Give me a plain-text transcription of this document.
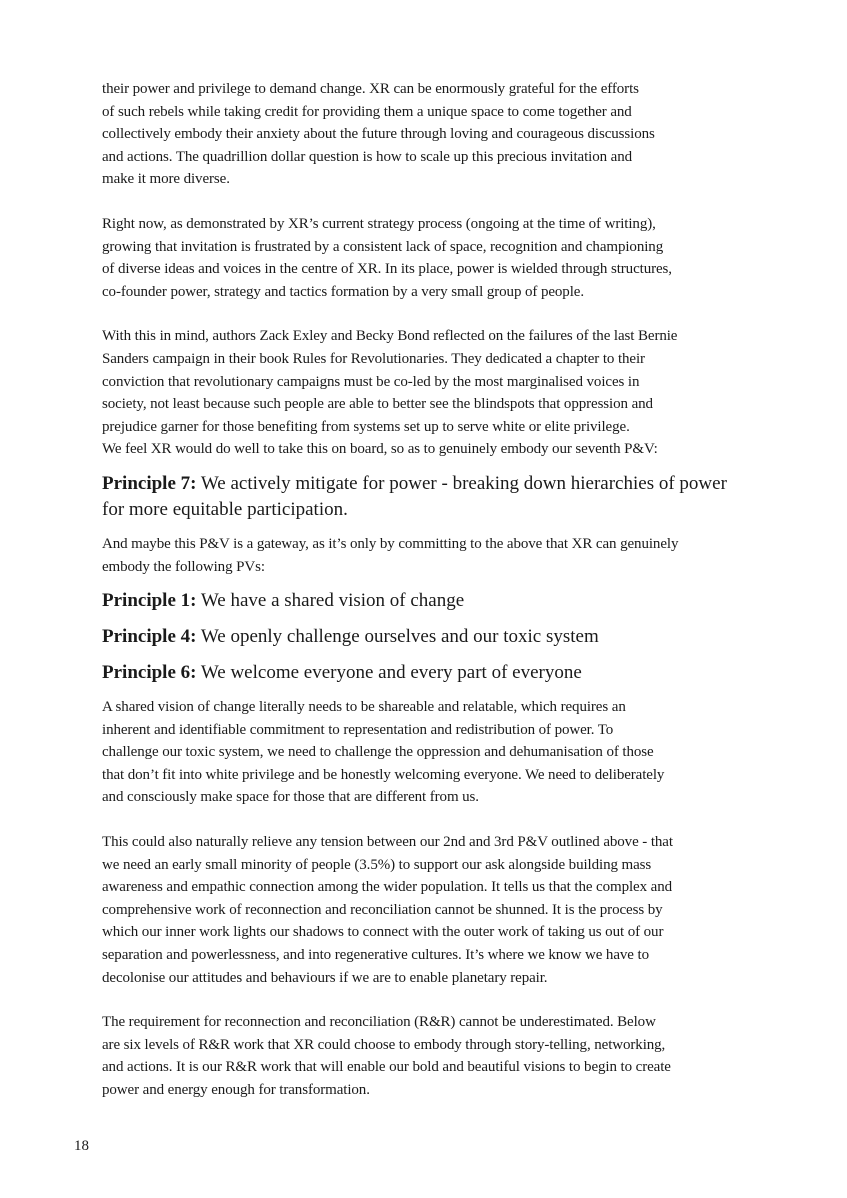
their power and privilege to demand change. XR can be enormously grateful for the efforts
of such rebels while taking credit for providing them a unique space to come together and
collectively embody their anxiety about the future through loving and courageous discussions
and actions. The quadrillion dollar question is how to scale up this precious invitation and
make it more diverse.

Right now, as demonstrated by XR’s current strategy process (ongoing at the time of writing),
growing that invitation is frustrated by a consistent lack of space, recognition and championing
of diverse ideas and voices in the centre of XR. In its place, power is wielded through structures,
co-founder power, strategy and tactics formation by a very small group of people.

With this in mind, authors Zack Exley and Becky Bond reflected on the failures of the last Bernie
Sanders campaign in their book Rules for Revolutionaries. They dedicated a chapter to their
conviction that revolutionary campaigns must be co-led by the most marginalised voices in
society, not least because such people are able to better see the blindspots that oppression and
prejudice garner for those benefiting from systems set up to serve white or elite privilege.
We feel XR would do well to take this on board, so as to genuinely embody our seventh P&V:

Principle 7: We actively mitigate for power - breaking down hierarchies of power
for more equitable participation.

And maybe this P&V is a gateway, as it’s only by committing to the above that XR can genuinely
embody the following PVs:

Principle 1: We have a shared vision of change

Principle 4: We openly challenge ourselves and our toxic system

Principle 6: We welcome everyone and every part of everyone

A shared vision of change literally needs to be shareable and relatable, which requires an
inherent and identifiable commitment to representation and redistribution of power. To
challenge our toxic system, we need to challenge the oppression and dehumanisation of those
that don’t fit into white privilege and be honestly welcoming everyone. We need to deliberately
and consciously make space for those that are different from us.

This could also naturally relieve any tension between our 2nd and 3rd P&V outlined above - that
we need an early small minority of people (3.5%) to support our ask alongside building mass
awareness and empathic connection among the wider population. It tells us that the complex and
comprehensive work of reconnection and reconciliation cannot be shunned. It is the process by
which our inner work lights our shadows to connect with the outer work of taking us out of our
separation and powerlessness, and into regenerative cultures. It’s where we know we have to
decolonise our attitudes and behaviours if we are to enable planetary repair.

The requirement for reconnection and reconciliation (R&R) cannot be underestimated. Below
are six levels of R&R work that XR could choose to embody through story-telling, networking,
and actions. It is our R&R work that will enable our bold and beautiful visions to begin to create
power and energy enough for transformation.

18
